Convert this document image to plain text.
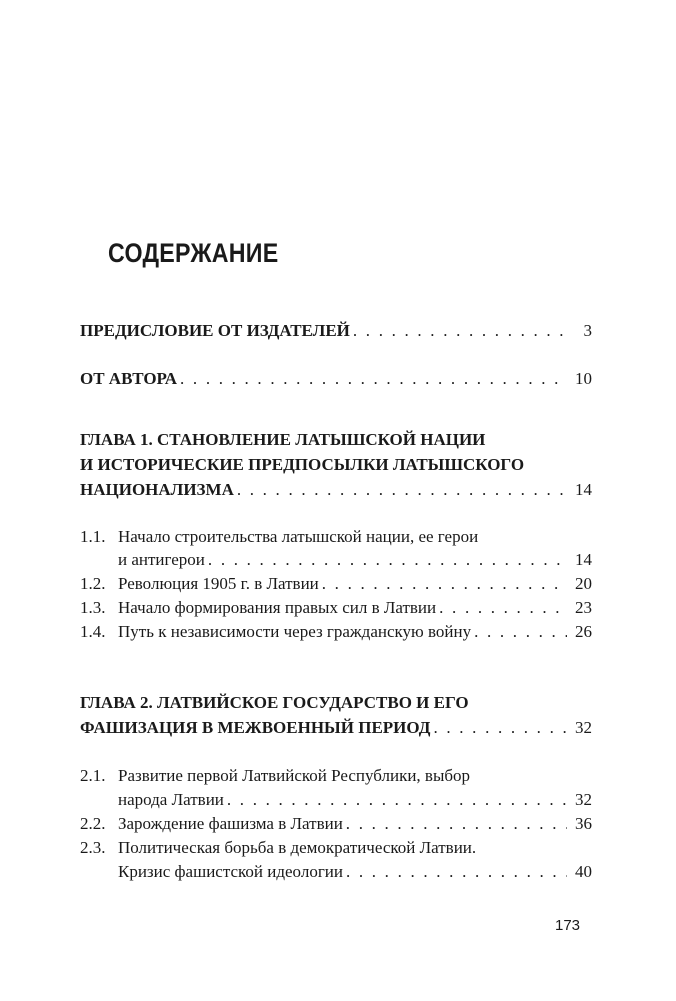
СОДЕРЖАНИЕ
ПРЕДИСЛОВИЕ ОТ ИЗДАТЕЛЕЙ . . .	3
ОТ АВТОРА . . .	10
ГЛАВА 1. СТАНОВЛЕНИЕ ЛАТЫШСКОЙ НАЦИИ
И ИСТОРИЧЕСКИЕ ПРЕДПОСЫЛКИ ЛАТЫШСКОГО
НАЦИОНАЛИЗМА . . .	14
1.1. Начало строительства латышской нации, ее герои
и антигерои . . .	14
1.2. Революция 1905 г. в Латвии . . .	20
1.3. Начало формирования правых сил в Латвии . . .	23
1.4. Путь к независимости через гражданскую войну . . .	26
ГЛАВА 2. ЛАТВИЙСКОЕ ГОСУДАРСТВО И ЕГО
ФАШИЗАЦИЯ В МЕЖВОЕННЫЙ ПЕРИОД . . .	32
2.1. Развитие первой Латвийской Республики, выбор
народа Латвии . . .	32
2.2. Зарождение фашизма в Латвии . . .	36
2.3. Политическая борьба в демократической Латвии.
Кризис фашистской идеологии . . .	40
173
